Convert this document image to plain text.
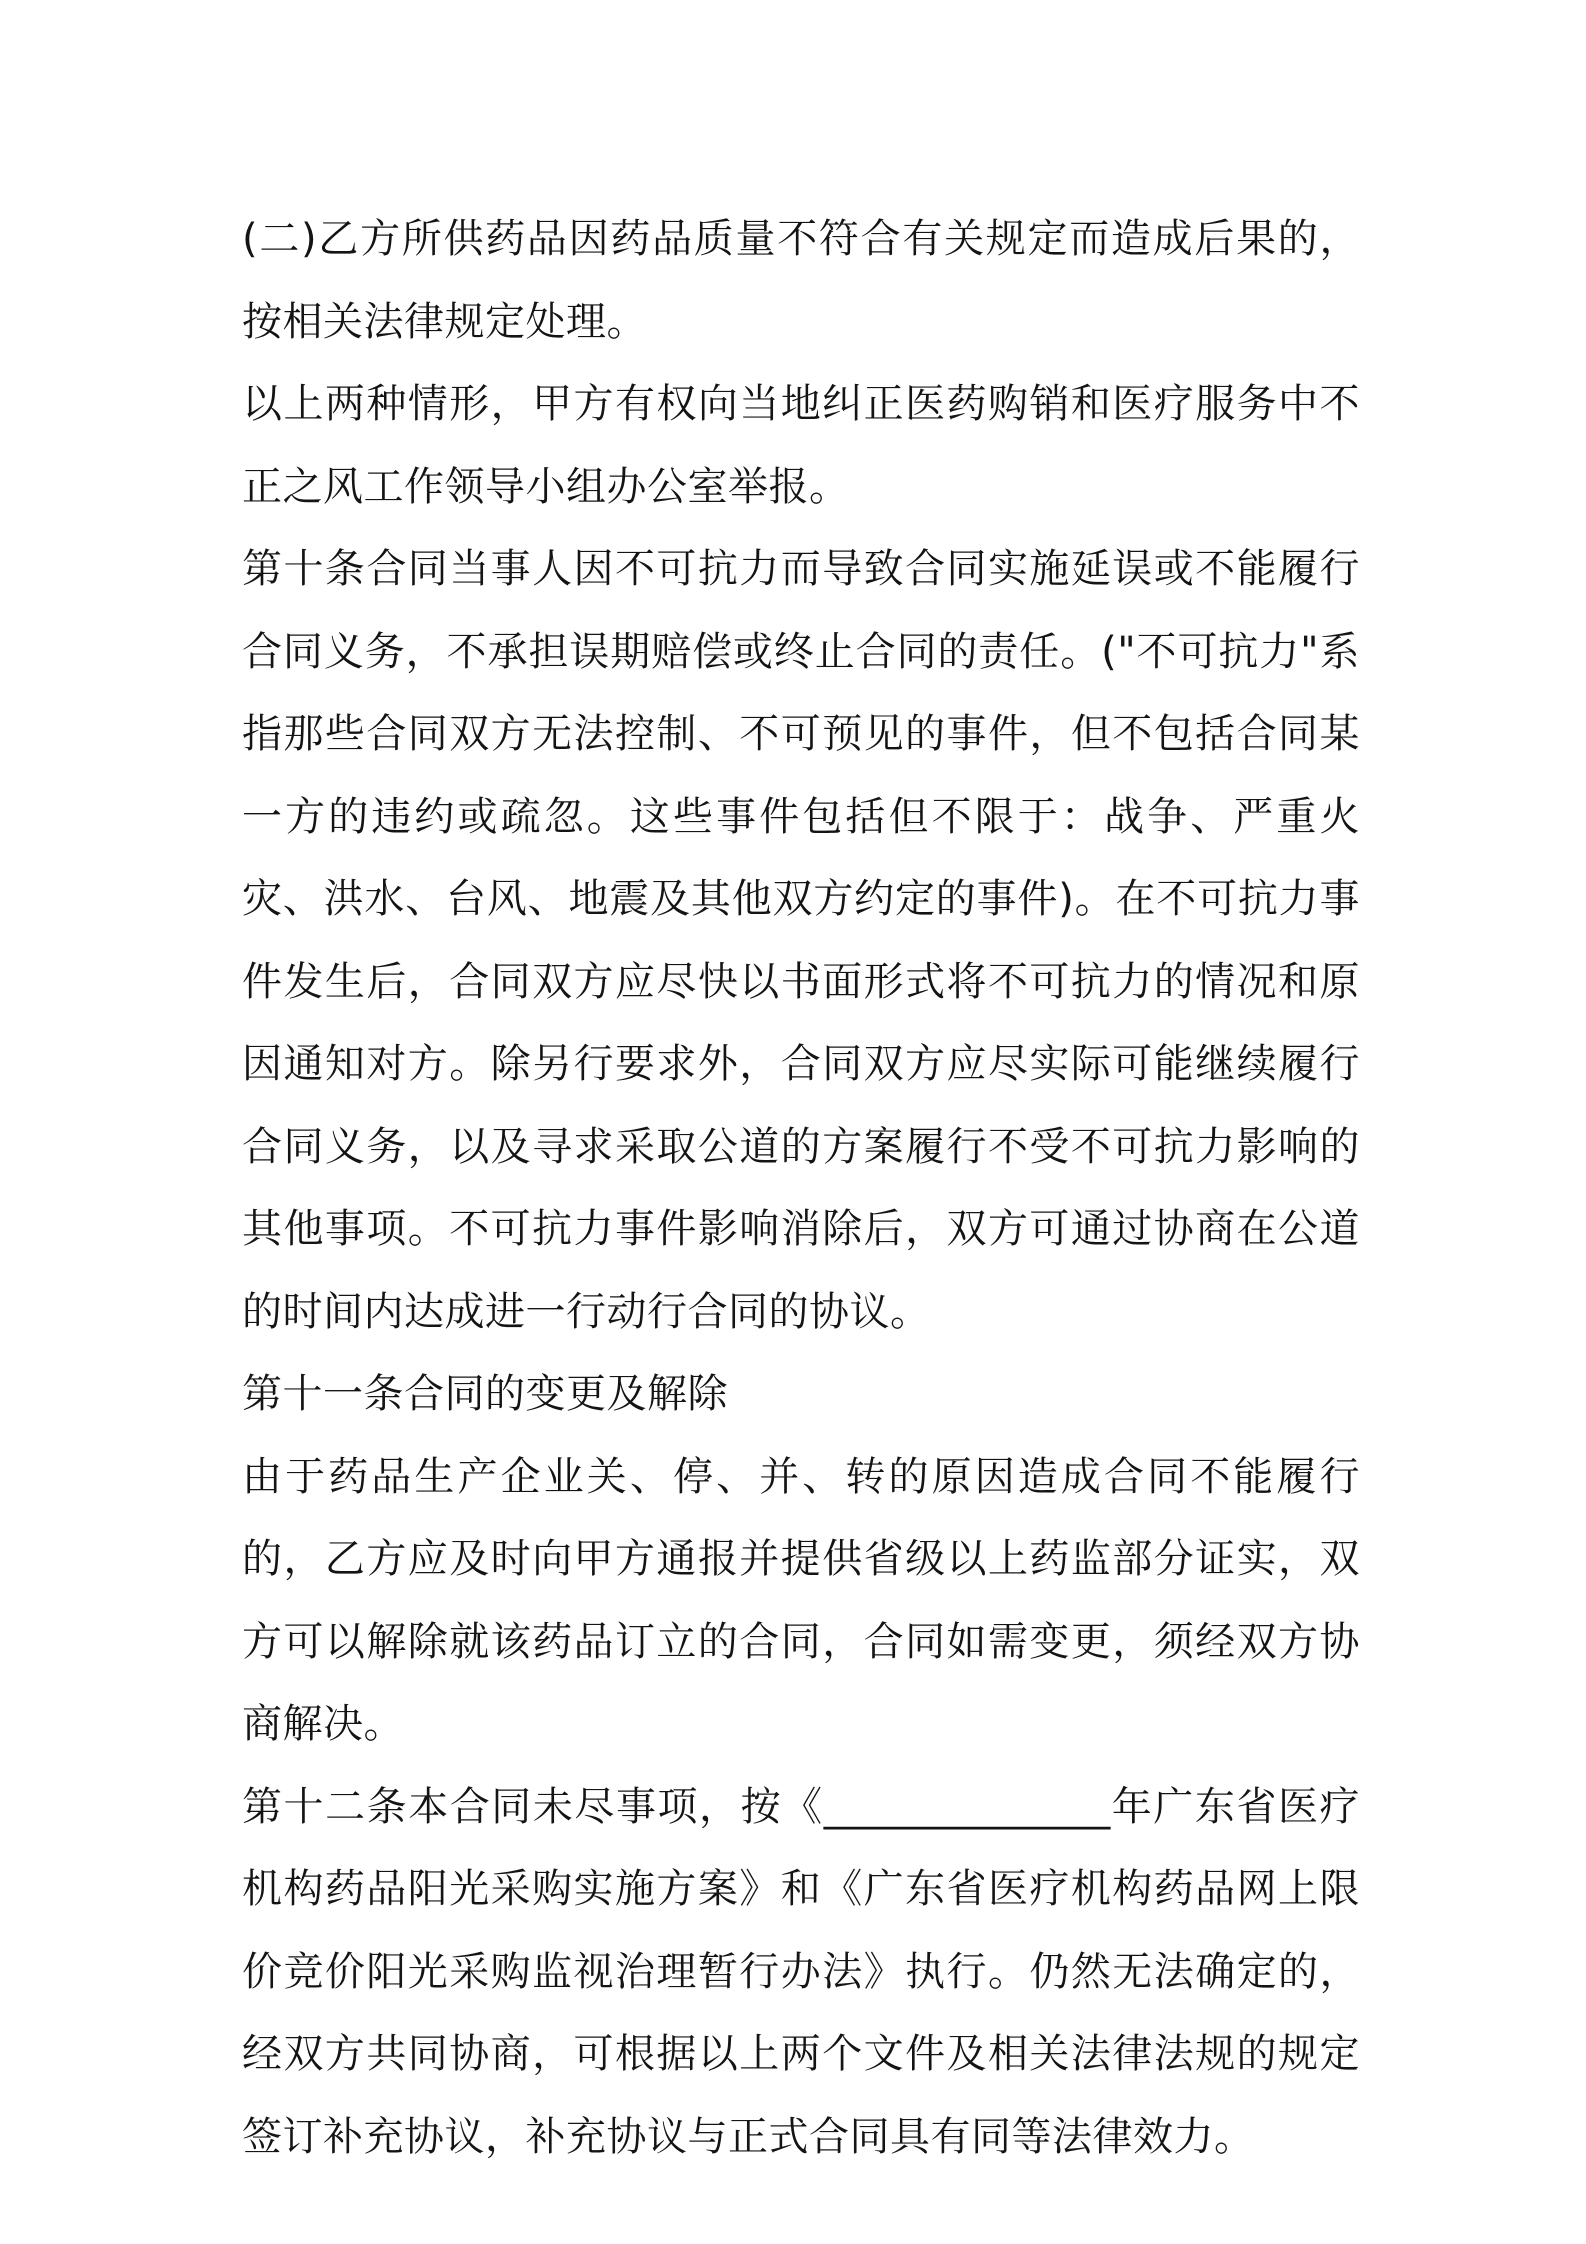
(二)乙方所供药品因药品质量不符合有关规定而造成后果的，按相关法律规定处理。

以上两种情形，甲方有权向当地纠正医药购销和医疗服务中不正之风工作领导小组办公室举报。

第十条合同当事人因不可抗力而导致合同实施延误或不能履行合同义务，不承担误期赔偿或终止合同的责任。("不可抗力"系指那些合同双方无法控制、不可预见的事件，但不包括合同某一方的违约或疏忽。这些事件包括但不限于：战争、严重火灾、洪水、台风、地震及其他双方约定的事件)。在不可抗力事件发生后，合同双方应尽快以书面形式将不可抗力的情况和原因通知对方。除另行要求外，合同双方应尽实际可能继续履行合同义务，以及寻求采取公道的方案履行不受不可抗力影响的其他事项。不可抗力事件影响消除后，双方可通过协商在公道的时间内达成进一行动行合同的协议。

第十一条合同的变更及解除

由于药品生产企业关、停、并、转的原因造成合同不能履行的，乙方应及时向甲方通报并提供省级以上药监部分证实，双方可以解除就该药品订立的合同，合同如需变更，须经双方协商解决。

第十二条本合同未尽事项，按《______________年广东省医疗机构药品阳光采购实施方案》和《广东省医疗机构药品网上限价竞价阳光采购监视治理暂行办法》执行。仍然无法确定的，经双方共同协商，可根据以上两个文件及相关法律法规的规定签订补充协议，补充协议与正式合同具有同等法律效力。
